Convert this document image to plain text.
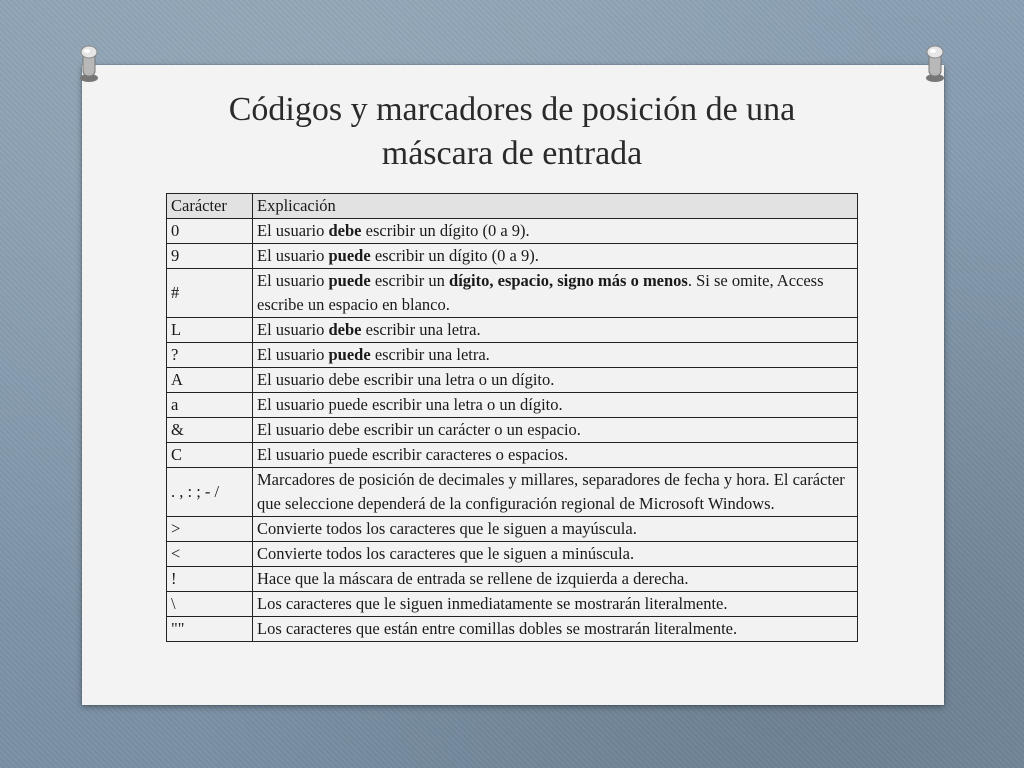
Códigos y marcadores de posición de una
máscara de entrada
Carácter	Explicación
0	El usuario debe escribir un dígito (0 a 9).
9	El usuario puede escribir un dígito (0 a 9).
#	El usuario puede escribir un dígito, espacio, signo más o menos. Si se omite, Access escribe un espacio en blanco.
L	El usuario debe escribir una letra.
?	El usuario puede escribir una letra.
A	El usuario debe escribir una letra o un dígito.
a	El usuario puede escribir una letra o un dígito.
&	El usuario debe escribir un carácter o un espacio.
C	El usuario puede escribir caracteres o espacios.
. , : ; - /	Marcadores de posición de decimales y millares, separadores de fecha y hora. El carácter que seleccione dependerá de la configuración regional de Microsoft Windows.
>	Convierte todos los caracteres que le siguen a mayúscula.
<	Convierte todos los caracteres que le siguen a minúscula.
!	Hace que la máscara de entrada se rellene de izquierda a derecha.
\	Los caracteres que le siguen inmediatamente se mostrarán literalmente.
""	Los caracteres que están entre comillas dobles se mostrarán literalmente.
